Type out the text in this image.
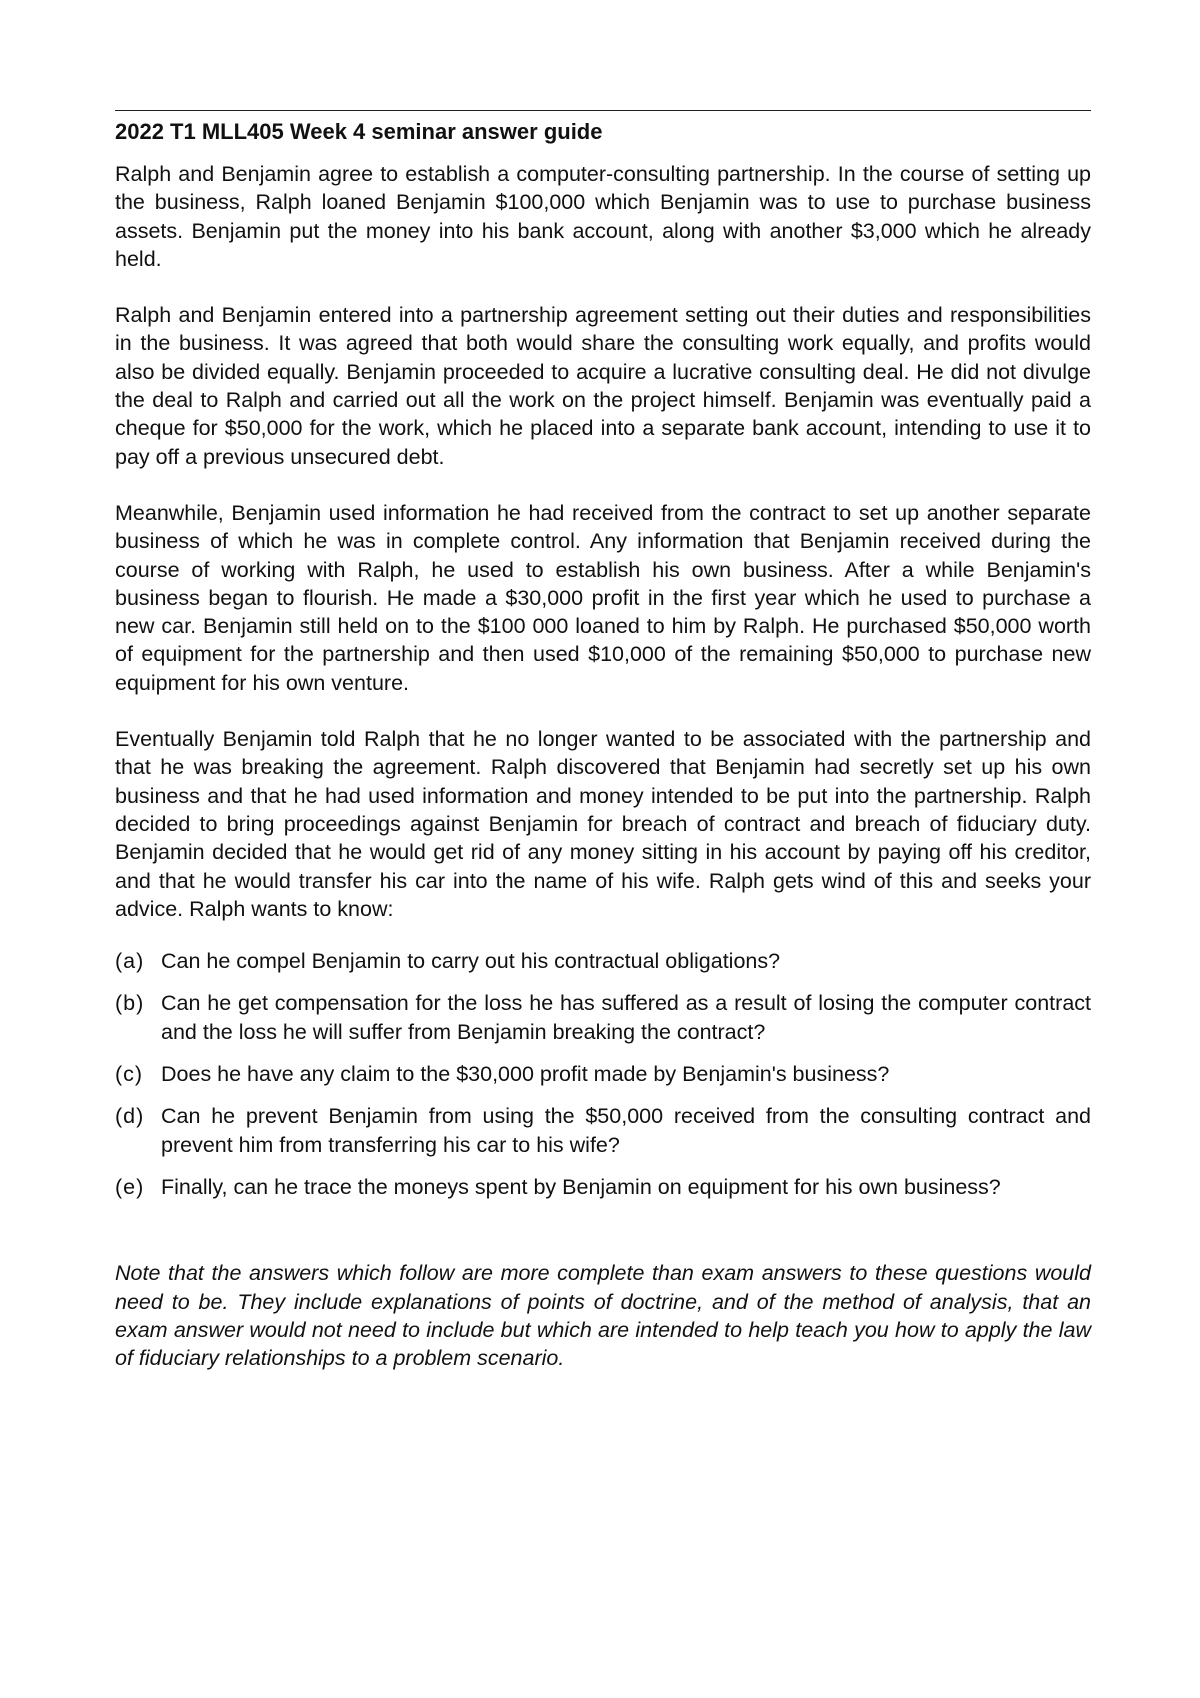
2022 T1 MLL405 Week 4 seminar answer guide

Ralph and Benjamin agree to establish a computer-consulting partnership. In the course of setting up the business, Ralph loaned Benjamin $100,000 which Benjamin was to use to purchase business assets. Benjamin put the money into his bank account, along with another $3,000 which he already held.

Ralph and Benjamin entered into a partnership agreement setting out their duties and responsibilities in the business. It was agreed that both would share the consulting work equally, and profits would also be divided equally. Benjamin proceeded to acquire a lucrative consulting deal. He did not divulge the deal to Ralph and carried out all the work on the project himself. Benjamin was eventually paid a cheque for $50,000 for the work, which he placed into a separate bank account, intending to use it to pay off a previous unsecured debt.

Meanwhile, Benjamin used information he had received from the contract to set up another separate business of which he was in complete control. Any information that Benjamin received during the course of working with Ralph, he used to establish his own business. After a while Benjamin's business began to flourish. He made a $30,000 profit in the first year which he used to purchase a new car. Benjamin still held on to the $100 000 loaned to him by Ralph. He purchased $50,000 worth of equipment for the partnership and then used $10,000 of the remaining $50,000 to purchase new equipment for his own venture.

Eventually Benjamin told Ralph that he no longer wanted to be associated with the partnership and that he was breaking the agreement. Ralph discovered that Benjamin had secretly set up his own business and that he had used information and money intended to be put into the partnership. Ralph decided to bring proceedings against Benjamin for breach of contract and breach of fiduciary duty. Benjamin decided that he would get rid of any money sitting in his account by paying off his creditor, and that he would transfer his car into the name of his wife. Ralph gets wind of this and seeks your advice. Ralph wants to know:

(a) Can he compel Benjamin to carry out his contractual obligations?
(b) Can he get compensation for the loss he has suffered as a result of losing the computer contract and the loss he will suffer from Benjamin breaking the contract?
(c) Does he have any claim to the $30,000 profit made by Benjamin's business?
(d) Can he prevent Benjamin from using the $50,000 received from the consulting contract and prevent him from transferring his car to his wife?
(e) Finally, can he trace the moneys spent by Benjamin on equipment for his own business?

Note that the answers which follow are more complete than exam answers to these questions would need to be. They include explanations of points of doctrine, and of the method of analysis, that an exam answer would not need to include but which are intended to help teach you how to apply the law of fiduciary relationships to a problem scenario.
